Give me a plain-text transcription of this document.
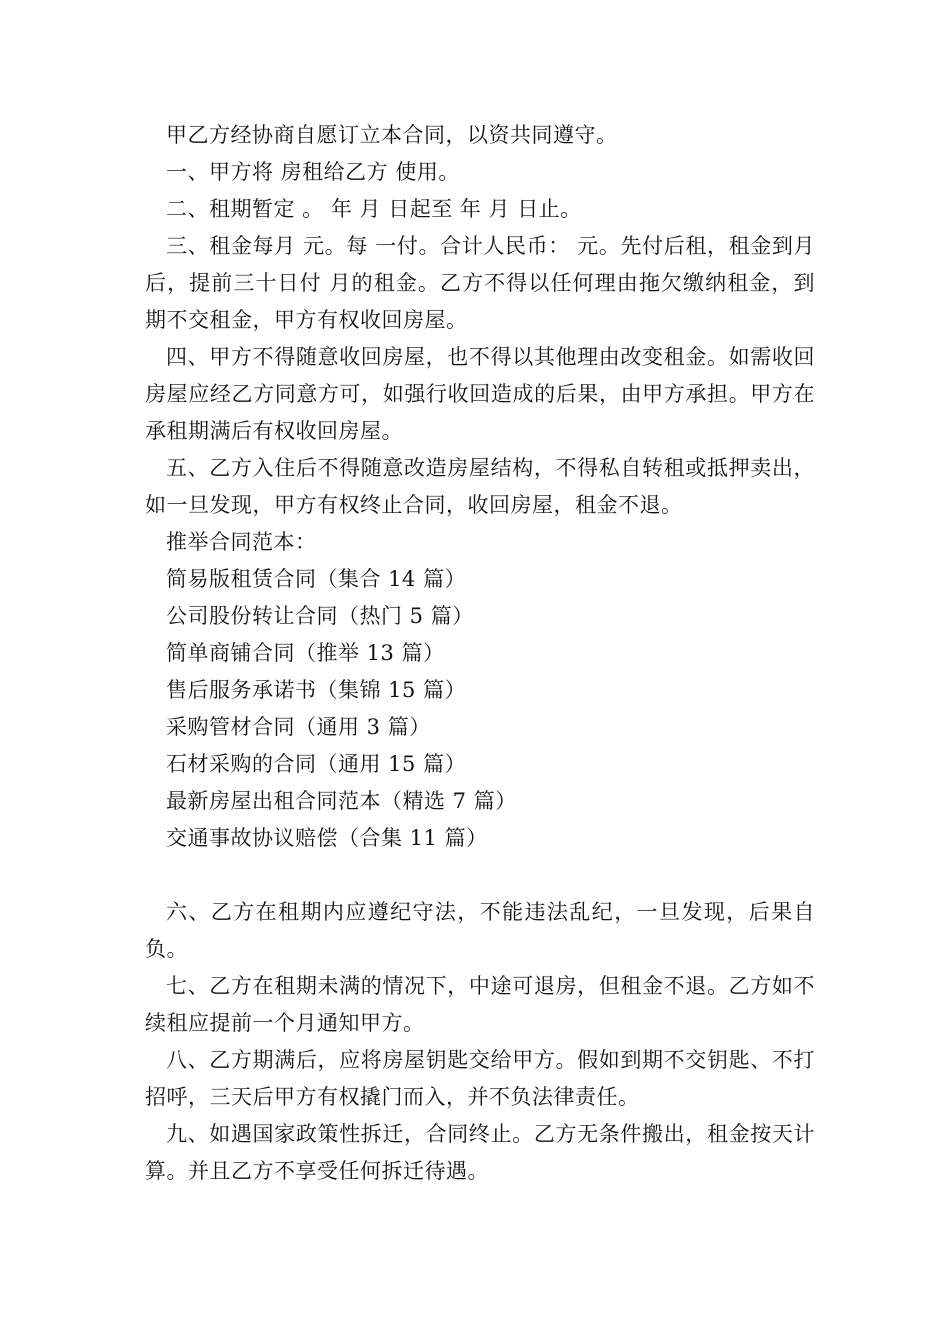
甲乙方经协商自愿订立本合同，以资共同遵守。

一、甲方将 房租给乙方 使用。

二、租期暂定 。 年 月 日起至 年 月 日止。

三、租金每月 元。每 一付。合计人民币： 元。先付后租，租金到月后，提前三十日付 月的租金。乙方不得以任何理由拖欠缴纳租金，到期不交租金，甲方有权收回房屋。

四、甲方不得随意收回房屋，也不得以其他理由改变租金。如需收回房屋应经乙方同意方可，如强行收回造成的后果，由甲方承担。甲方在承租期满后有权收回房屋。

五、乙方入住后不得随意改造房屋结构，不得私自转租或抵押卖出，如一旦发现，甲方有权终止合同，收回房屋，租金不退。

推举合同范本：

简易版租赁合同（集合 14 篇）

公司股份转让合同（热门 5 篇）

简单商铺合同（推举 13 篇）

售后服务承诺书（集锦 15 篇）

采购管材合同（通用 3 篇）

石材采购的合同（通用 15 篇）

最新房屋出租合同范本（精选 7 篇）

交通事故协议赔偿（合集 11 篇）

六、乙方在租期内应遵纪守法，不能违法乱纪，一旦发现，后果自负。

七、乙方在租期未满的情况下，中途可退房，但租金不退。乙方如不续租应提前一个月通知甲方。

八、乙方期满后，应将房屋钥匙交给甲方。假如到期不交钥匙、不打招呼，三天后甲方有权撬门而入，并不负法律责任。

九、如遇国家政策性拆迁，合同终止。乙方无条件搬出，租金按天计算。并且乙方不享受任何拆迁待遇。
